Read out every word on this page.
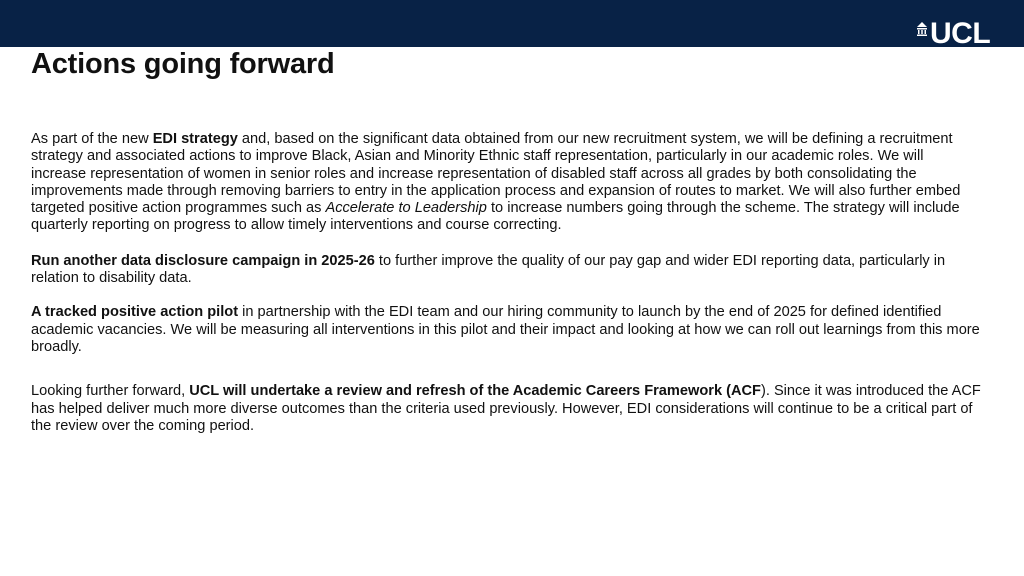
UCL
Actions going forward

As part of the new EDI strategy and, based on the significant data obtained from our new recruitment system, we will be defining a recruitment strategy and associated actions to improve Black, Asian and Minority Ethnic staff representation, particularly in our academic roles. We will increase representation of women in senior roles and increase representation of disabled staff across all grades by both consolidating the improvements made through removing barriers to entry in the application process and expansion of routes to market. We will also further embed targeted positive action programmes such as Accelerate to Leadership to increase numbers going through the scheme. The strategy will include quarterly reporting on progress to allow timely interventions and course correcting.

Run another data disclosure campaign in 2025-26 to further improve the quality of our pay gap and wider EDI reporting data, particularly in relation to disability data.

A tracked positive action pilot in partnership with the EDI team and our hiring community to launch by the end of 2025 for defined identified academic vacancies. We will be measuring all interventions in this pilot and their impact and looking at how we can roll out learnings from this more broadly.

Looking further forward, UCL will undertake a review and refresh of the Academic Careers Framework (ACF). Since it was introduced the ACF has helped deliver much more diverse outcomes than the criteria used previously. However, EDI considerations will continue to be a critical part of the review over the coming period.
